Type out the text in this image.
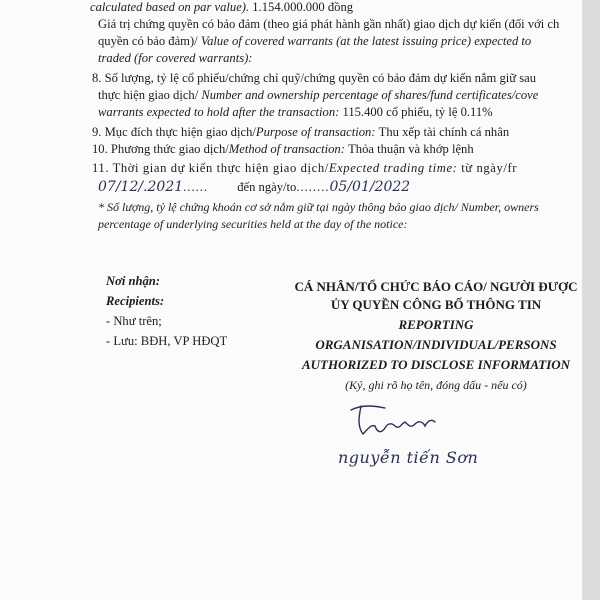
calculated based on par value). 1.154.000.000 đồng
Giá trị chứng quyền có bảo đảm (theo giá phát hành gần nhất) giao dịch dự kiến (đối với ch
quyền có bảo đảm)/ Value of covered warrants (at the latest issuing price) expected to
traded (for covered warrants):
8. Số lượng, tỷ lệ cổ phiếu/chứng chỉ quỹ/chứng quyền có bảo đảm dự kiến nắm giữ sau
thực hiện giao dịch/ Number and ownership percentage of shares/fund certificates/cove
warrants expected to hold after the transaction: 115.400 cổ phiếu, tỷ lệ 0.11%
9. Mục đích thực hiện giao dịch/Purpose of transaction: Thu xếp tài chính cá nhân
10. Phương thức giao dịch/Method of transaction: Thỏa thuận và khớp lệnh
11. Thời gian dự kiến thực hiện giao dịch/Expected trading time: từ ngày/fr
07/12/.2021...... đến ngày/to........05/01/2022
* Số lượng, tỷ lệ chứng khoán cơ sở nắm giữ tại ngày thông báo giao dịch/ Number, owners
percentage of underlying securities held at the day of the notice:
Nơi nhận:
Recipients:
- Như trên;
- Lưu: BĐH, VP HĐQT
CÁ NHÂN/TỔ CHỨC BÁO CÁO/ NGƯỜI ĐƯỢC
ỦY QUYỀN CÔNG BỐ THÔNG TIN
REPORTING
ORGANISATION/INDIVIDUAL/PERSONS
AUTHORIZED TO DISCLOSE INFORMATION
(Ký, ghi rõ họ tên, đóng dấu - nếu có)
nguyễn tiến Sơn
